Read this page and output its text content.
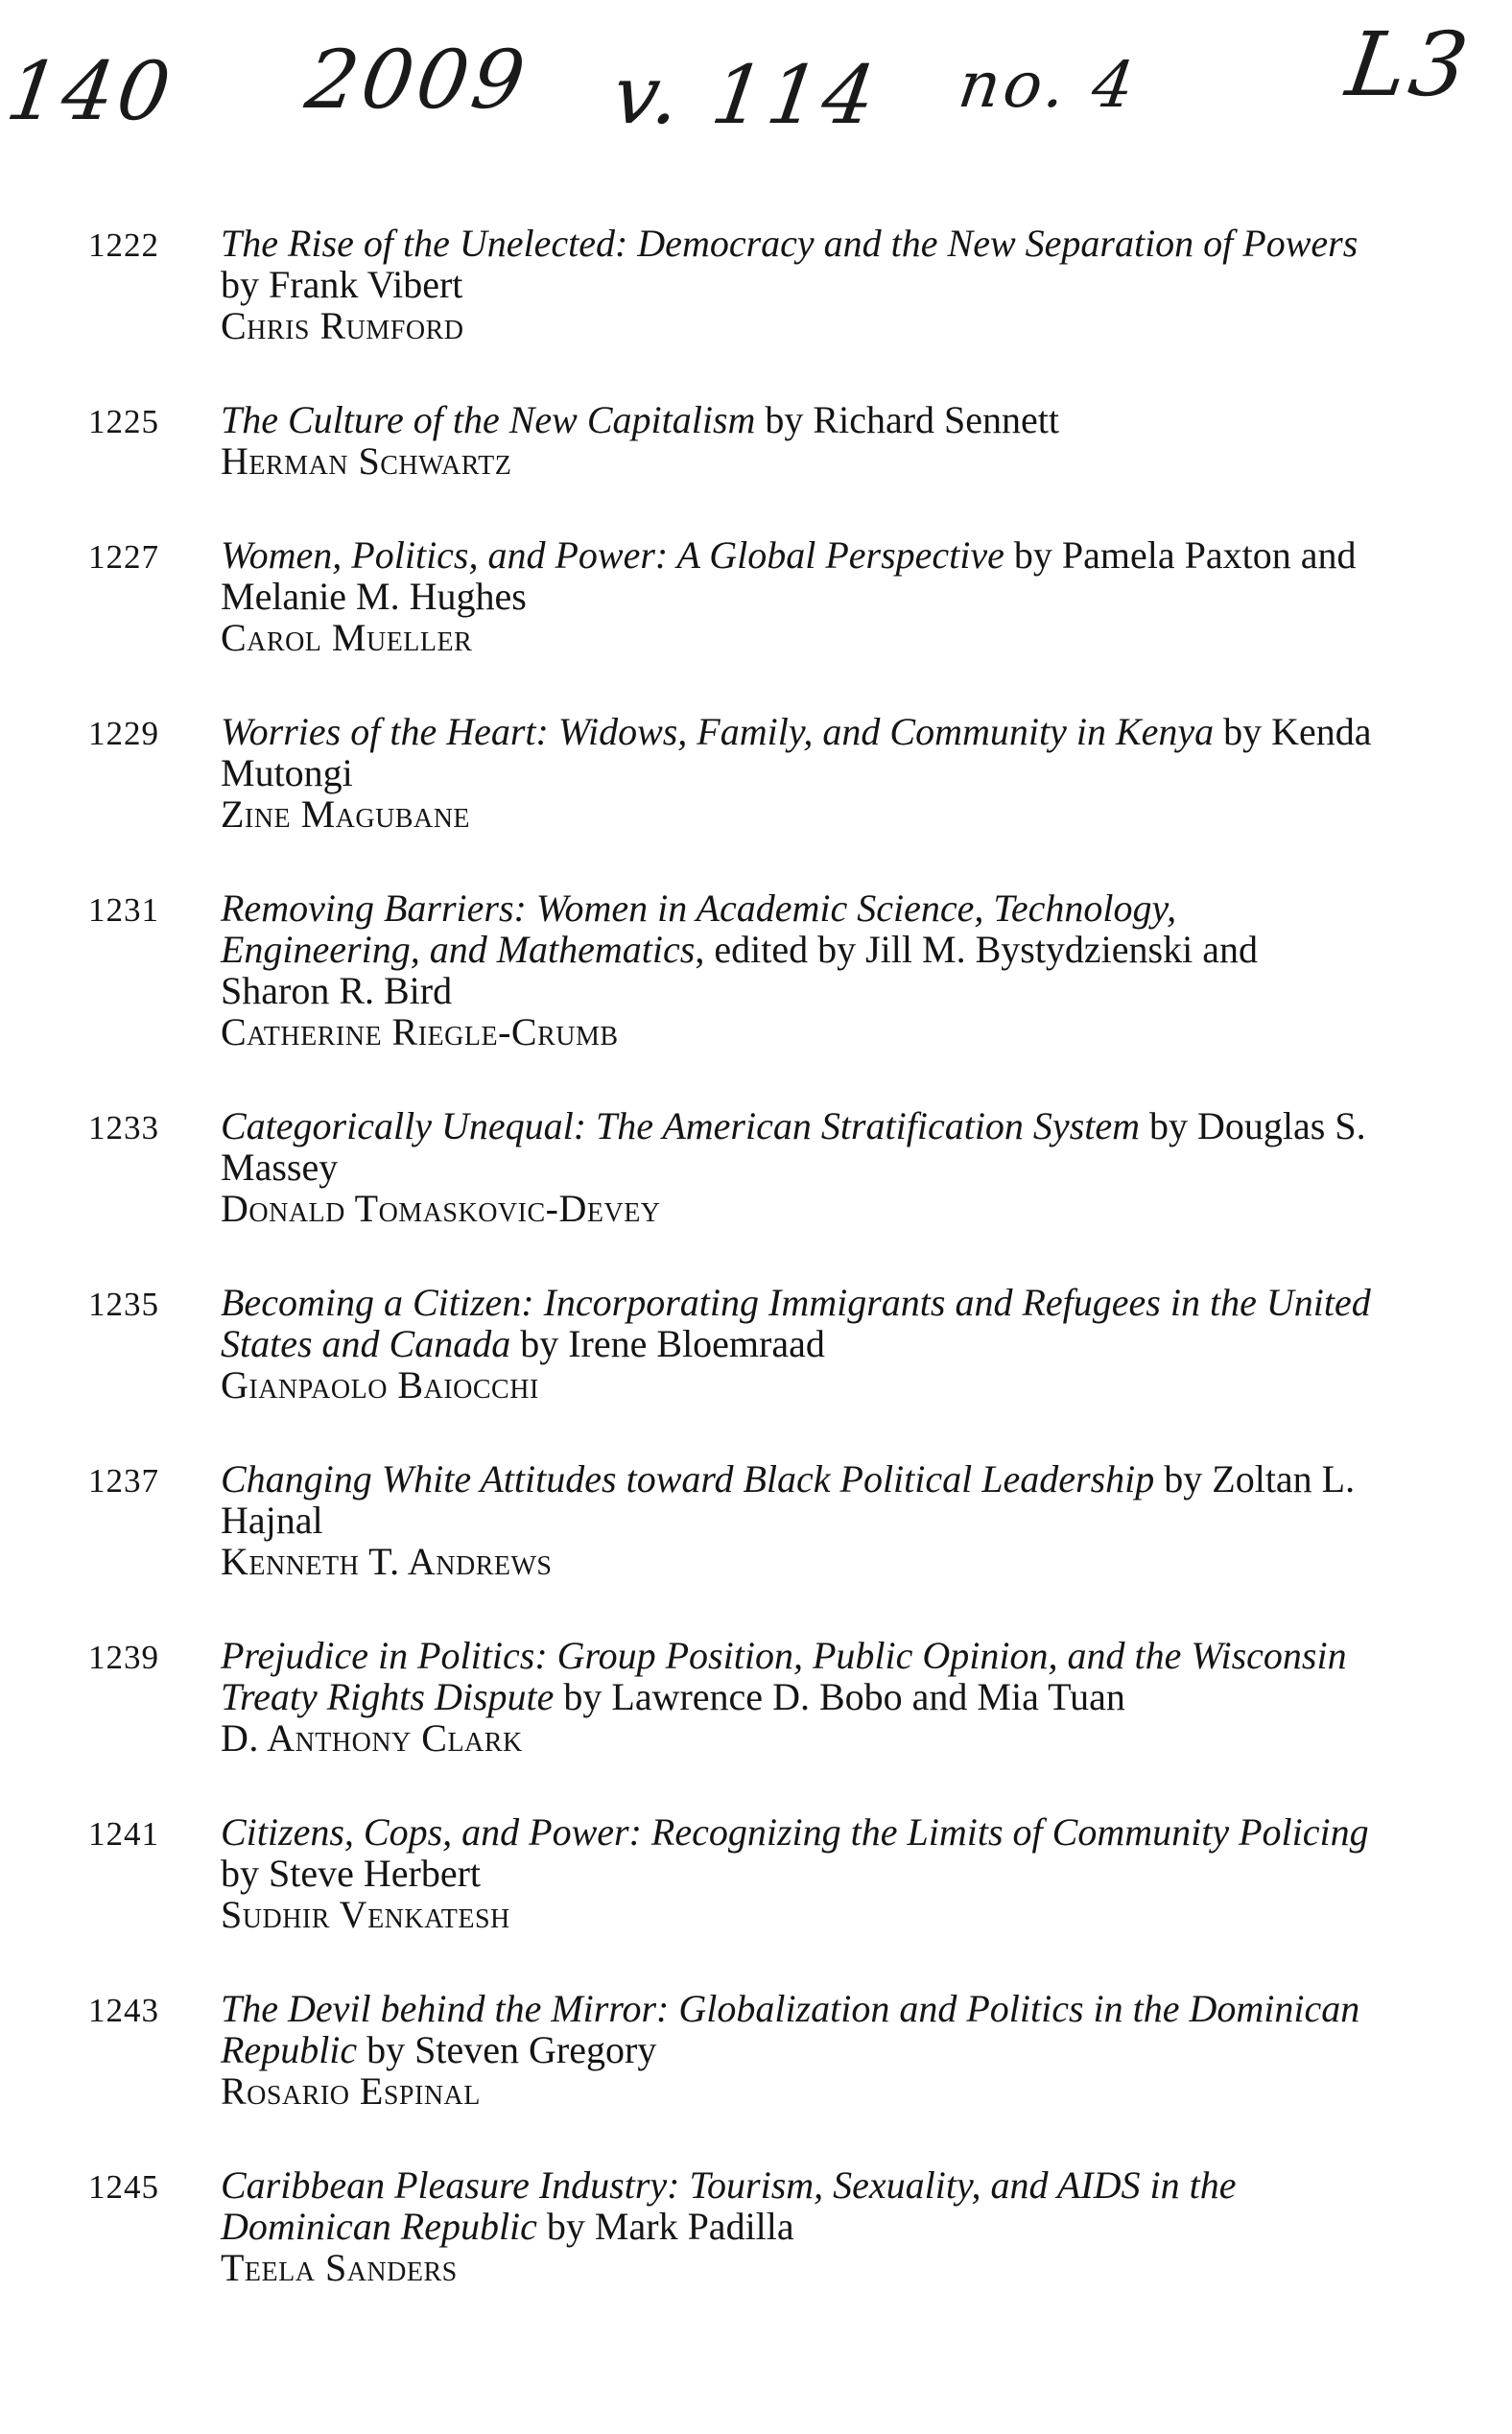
140 2009 v. 114 no. 4 L3
1222 The Rise of the Unelected: Democracy and the New Separation of Powers by Frank Vibert
Chris Rumford
1225 The Culture of the New Capitalism by Richard Sennett
Herman Schwartz
1227 Women, Politics, and Power: A Global Perspective by Pamela Paxton and Melanie M. Hughes
Carol Mueller
1229 Worries of the Heart: Widows, Family, and Community in Kenya by Kenda Mutongi
Zine Magubane
1231 Removing Barriers: Women in Academic Science, Technology, Engineering, and Mathematics, edited by Jill M. Bystydzienski and Sharon R. Bird
Catherine Riegle-Crumb
1233 Categorically Unequal: The American Stratification System by Douglas S. Massey
Donald Tomaskovic-Devey
1235 Becoming a Citizen: Incorporating Immigrants and Refugees in the United States and Canada by Irene Bloemraad
Gianpaolo Baiocchi
1237 Changing White Attitudes toward Black Political Leadership by Zoltan L. Hajnal
Kenneth T. Andrews
1239 Prejudice in Politics: Group Position, Public Opinion, and the Wisconsin Treaty Rights Dispute by Lawrence D. Bobo and Mia Tuan
D. Anthony Clark
1241 Citizens, Cops, and Power: Recognizing the Limits of Community Policing by Steve Herbert
Sudhir Venkatesh
1243 The Devil behind the Mirror: Globalization and Politics in the Dominican Republic by Steven Gregory
Rosario Espinal
1245 Caribbean Pleasure Industry: Tourism, Sexuality, and AIDS in the Dominican Republic by Mark Padilla
Teela Sanders
